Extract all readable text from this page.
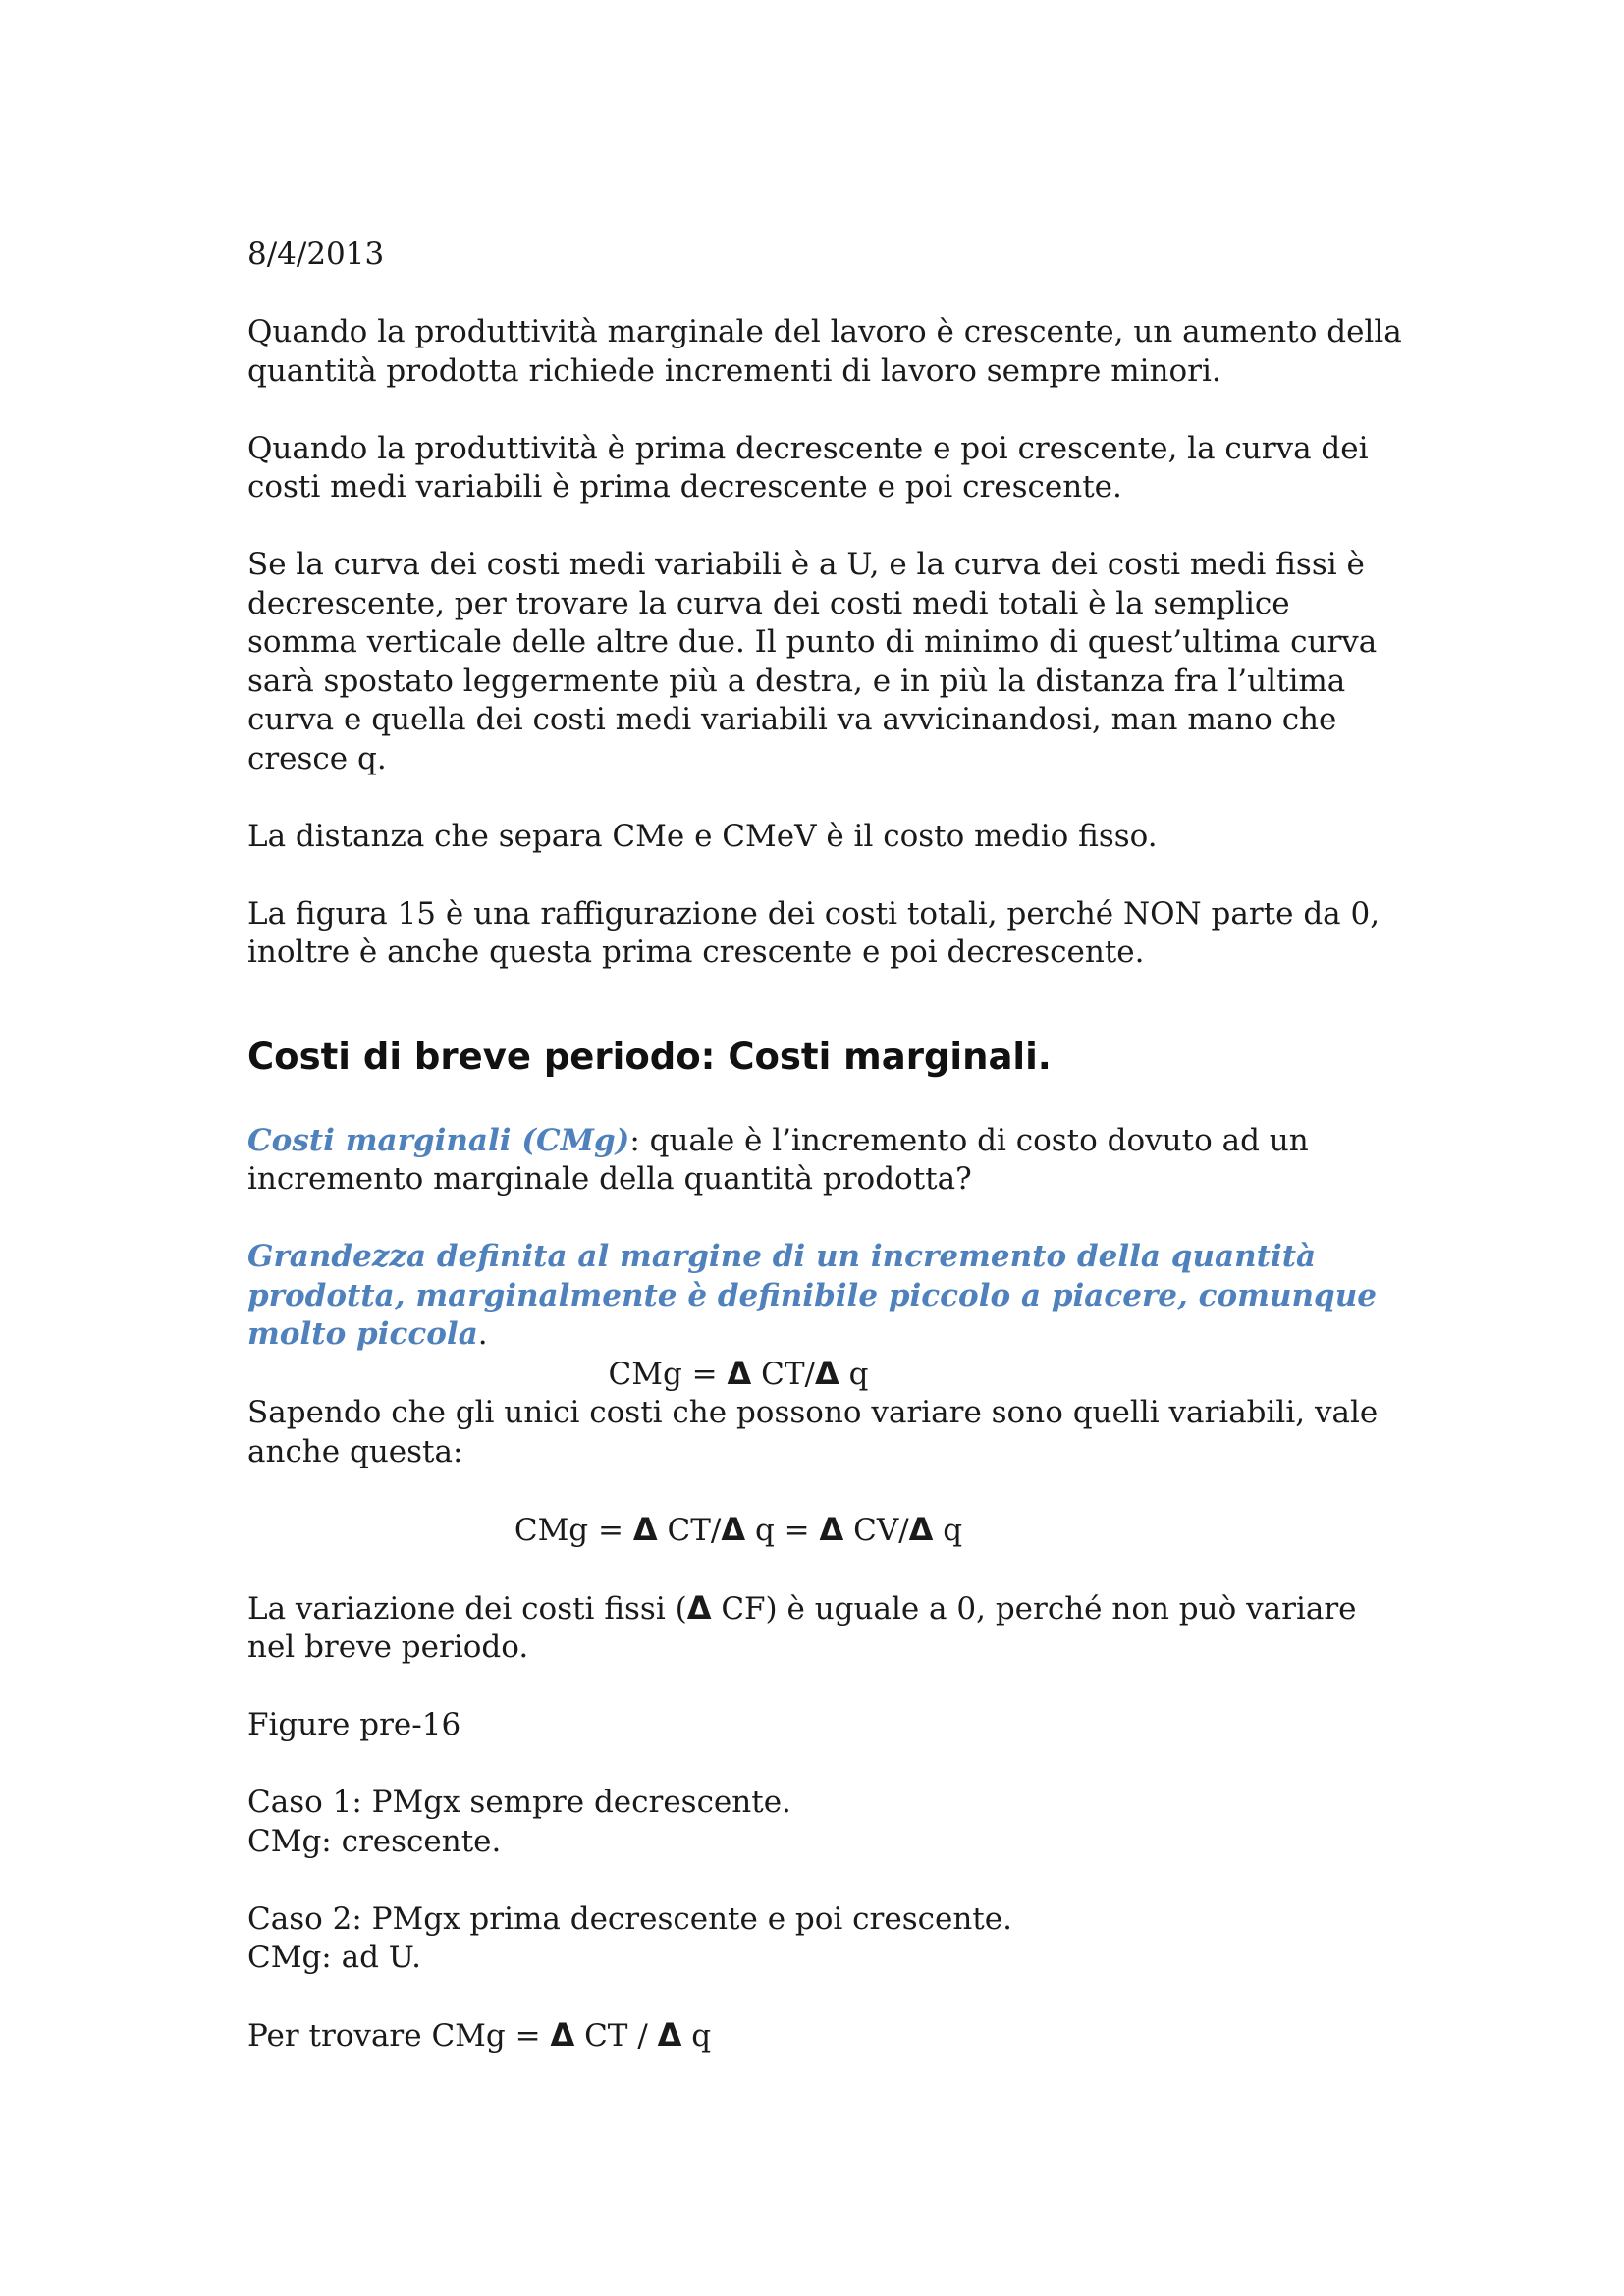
8/4/2013

Quando la produttività marginale del lavoro è crescente, un aumento della quantità prodotta richiede incrementi di lavoro sempre minori.

Quando la produttività è prima decrescente e poi crescente, la curva dei costi medi variabili è prima decrescente e poi crescente.

Se la curva dei costi medi variabili è a U, e la curva dei costi medi fissi è decrescente, per trovare la curva dei costi medi totali è la semplice somma verticale delle altre due. Il punto di minimo di quest’ultima curva sarà spostato leggermente più a destra, e in più la distanza fra l’ultima curva e quella dei costi medi variabili va avvicinandosi, man mano che cresce q.

La distanza che separa CMe e CMeV è il costo medio fisso.

La figura 15 è una raffigurazione dei costi totali, perché NON parte da 0, inoltre è anche questa prima crescente e poi decrescente.

Costi di breve periodo: Costi marginali.

Costi marginali (CMg): quale è l’incremento di costo dovuto ad un incremento marginale della quantità prodotta?

Grandezza definita al margine di un incremento della quantità prodotta, marginalmente è definibile piccolo a piacere, comunque molto piccola.

CMg = Δ CT/Δ q

Sapendo che gli unici costi che possono variare sono quelli variabili, vale anche questa:

CMg = Δ CT/Δ q = Δ CV/Δ q

La variazione dei costi fissi (Δ CF) è uguale a 0, perché non può variare nel breve periodo.

Figure pre-16

Caso 1: PMgx sempre decrescente.

CMg: crescente.

Caso 2: PMgx prima decrescente e poi crescente.

CMg: ad U.

Per trovare CMg = Δ CT / Δ q
